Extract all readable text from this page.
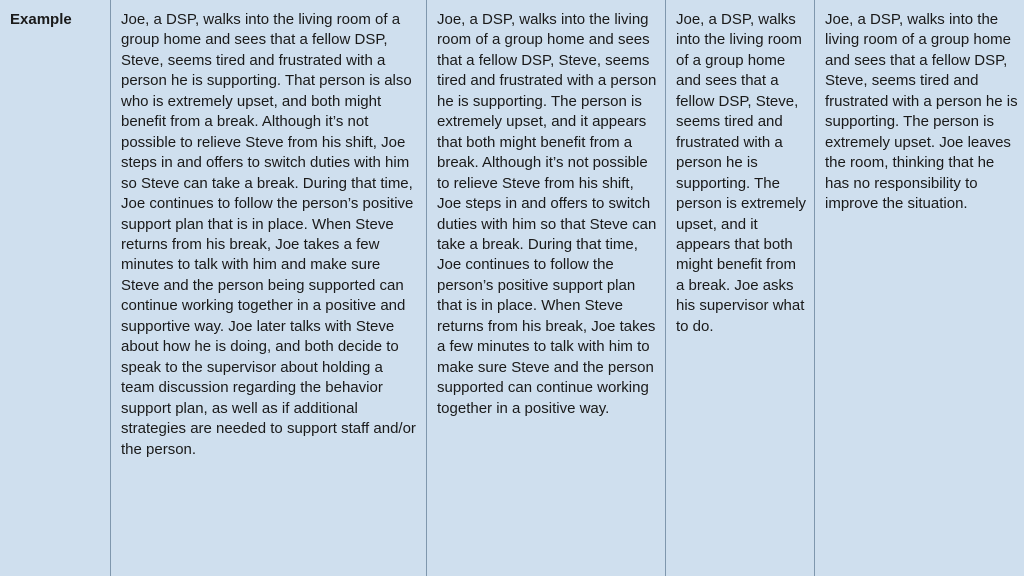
Example	Joe, a DSP, walks into the living room of a group home and sees that a fellow DSP, Steve, seems tired and frustrated with a person he is supporting. That person is also who is extremely upset, and both might benefit from a break. Although it’s not possible to relieve Steve from his shift, Joe steps in and offers to switch duties with him so Steve can take a break. During that time, Joe continues to follow the person’s positive support plan that is in place. When Steve returns from his break, Joe takes a few minutes to talk with him and make sure Steve and the person being supported can continue working together in a positive and supportive way. Joe later talks with Steve about how he is doing, and both decide to speak to the supervisor about holding a team discussion regarding the behavior support plan, as well as if additional strategies are needed to support staff and/or the person.
Joe, a DSP, walks into the living room of a group home and sees that a fellow DSP, Steve, seems tired and frustrated with a person he is supporting. The person is extremely upset, and it appears that both might benefit from a break. Although it’s not possible to relieve Steve from his shift, Joe steps in and offers to switch duties with him so that Steve can take a break. During that time, Joe continues to follow the person’s positive support plan that is in place. When Steve returns from his break, Joe takes a few minutes to talk with him to make sure Steve and the person supported can continue working together in a positive way.
Joe, a DSP, walks into the living room of a group home and sees that a fellow DSP, Steve, seems tired and frustrated with a person he is supporting. The person is extremely upset, and it appears that both might benefit from a break. Joe asks his supervisor what to do.
Joe, a DSP, walks into the living room of a group home and sees that a fellow DSP, Steve, seems tired and frustrated with a person he is supporting. The person is extremely upset. Joe leaves the room, thinking that he has no responsibility to improve the situation.
